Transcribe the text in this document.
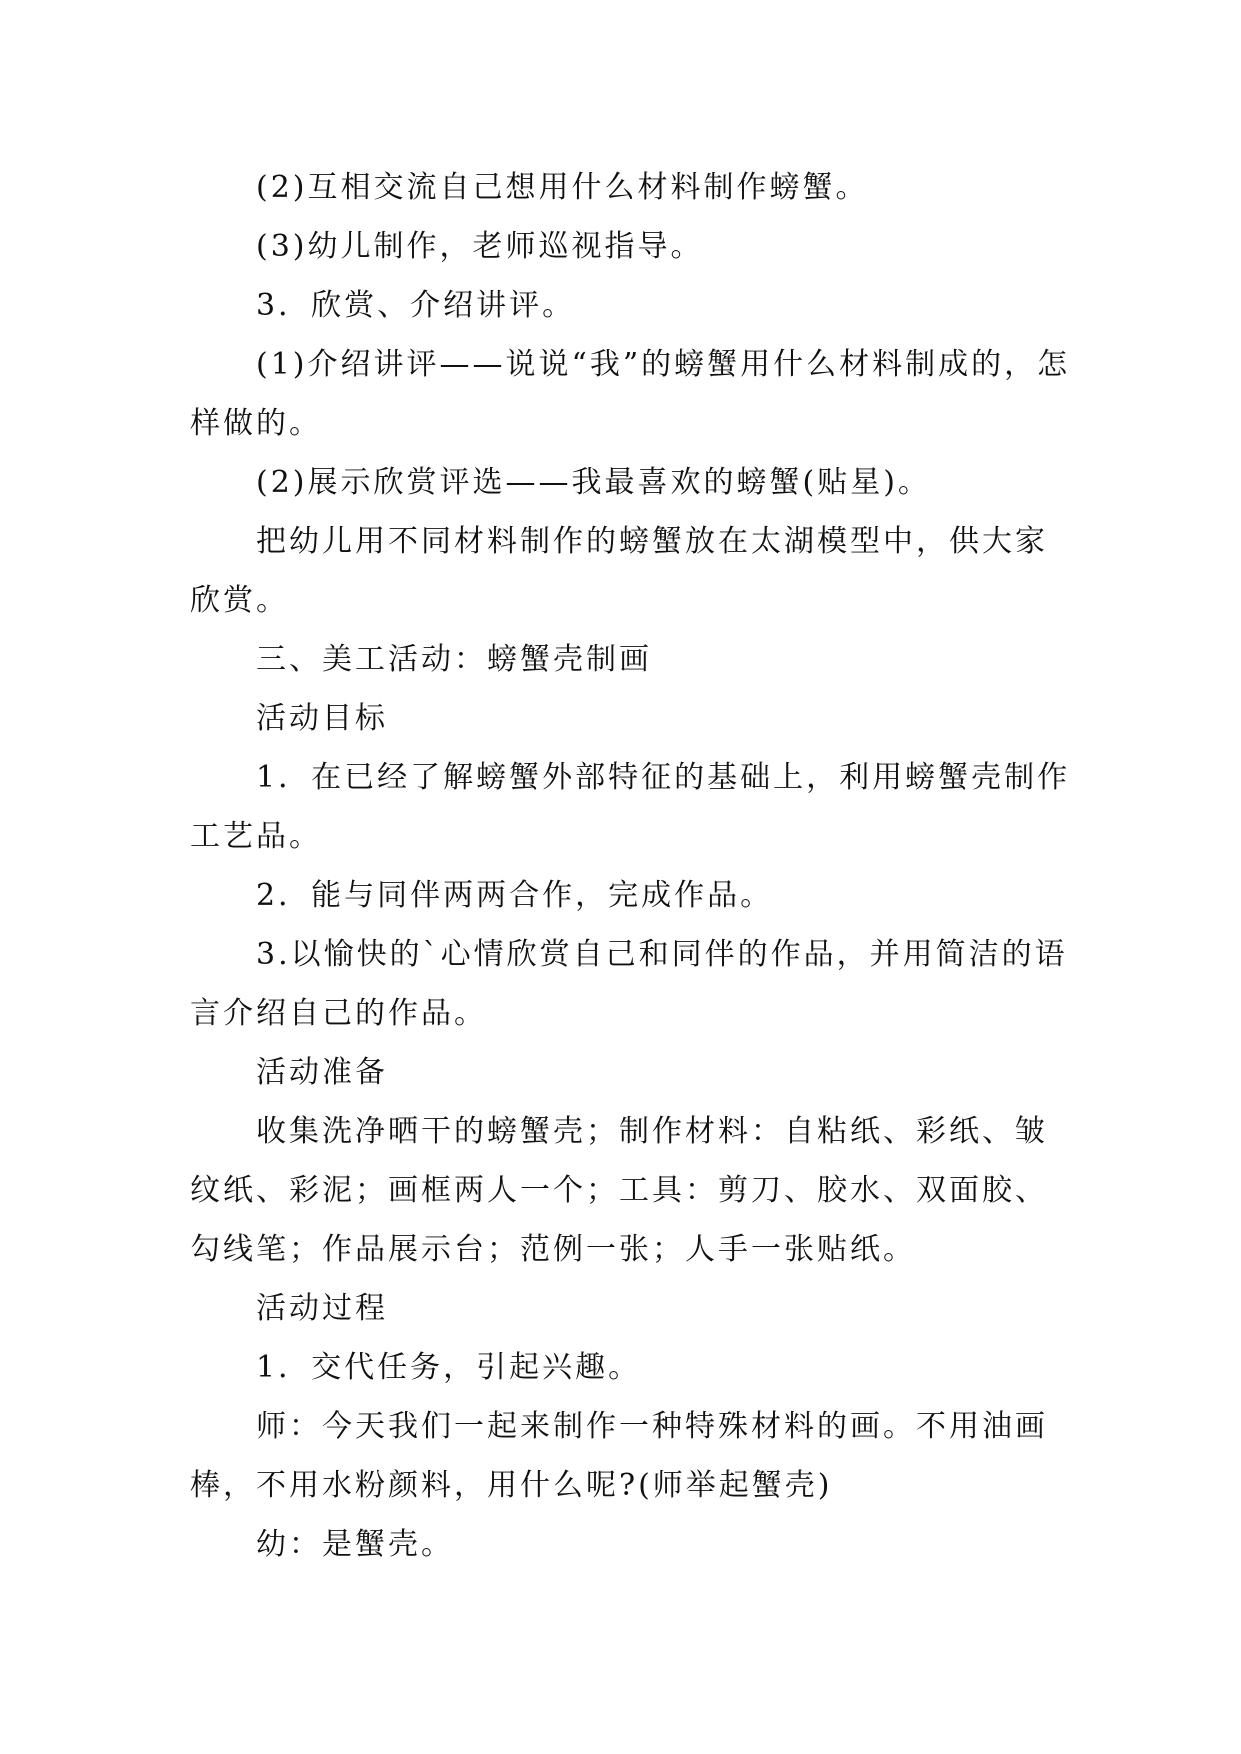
(2)互相交流自己想用什么材料制作螃蟹。

(3)幼儿制作，老师巡视指导。

3．欣赏、介绍讲评。

(1)介绍讲评——说说“我”的螃蟹用什么材料制成的，怎样做的。

(2)展示欣赏评选——我最喜欢的螃蟹(贴星)。

把幼儿用不同材料制作的螃蟹放在太湖模型中，供大家欣赏。

三、美工活动：螃蟹壳制画

活动目标

1．在已经了解螃蟹外部特征的基础上，利用螃蟹壳制作工艺品。

2．能与同伴两两合作，完成作品。

3.以愉快的`心情欣赏自己和同伴的作品，并用简洁的语言介绍自己的作品。

活动准备

收集洗净晒干的螃蟹壳；制作材料：自粘纸、彩纸、皱纹纸、彩泥；画框两人一个；工具：剪刀、胶水、双面胶、勾线笔；作品展示台；范例一张；人手一张贴纸。

活动过程

1．交代任务，引起兴趣。

师：今天我们一起来制作一种特殊材料的画。不用油画棒，不用水粉颜料，用什么呢?(师举起蟹壳)

幼：是蟹壳。
